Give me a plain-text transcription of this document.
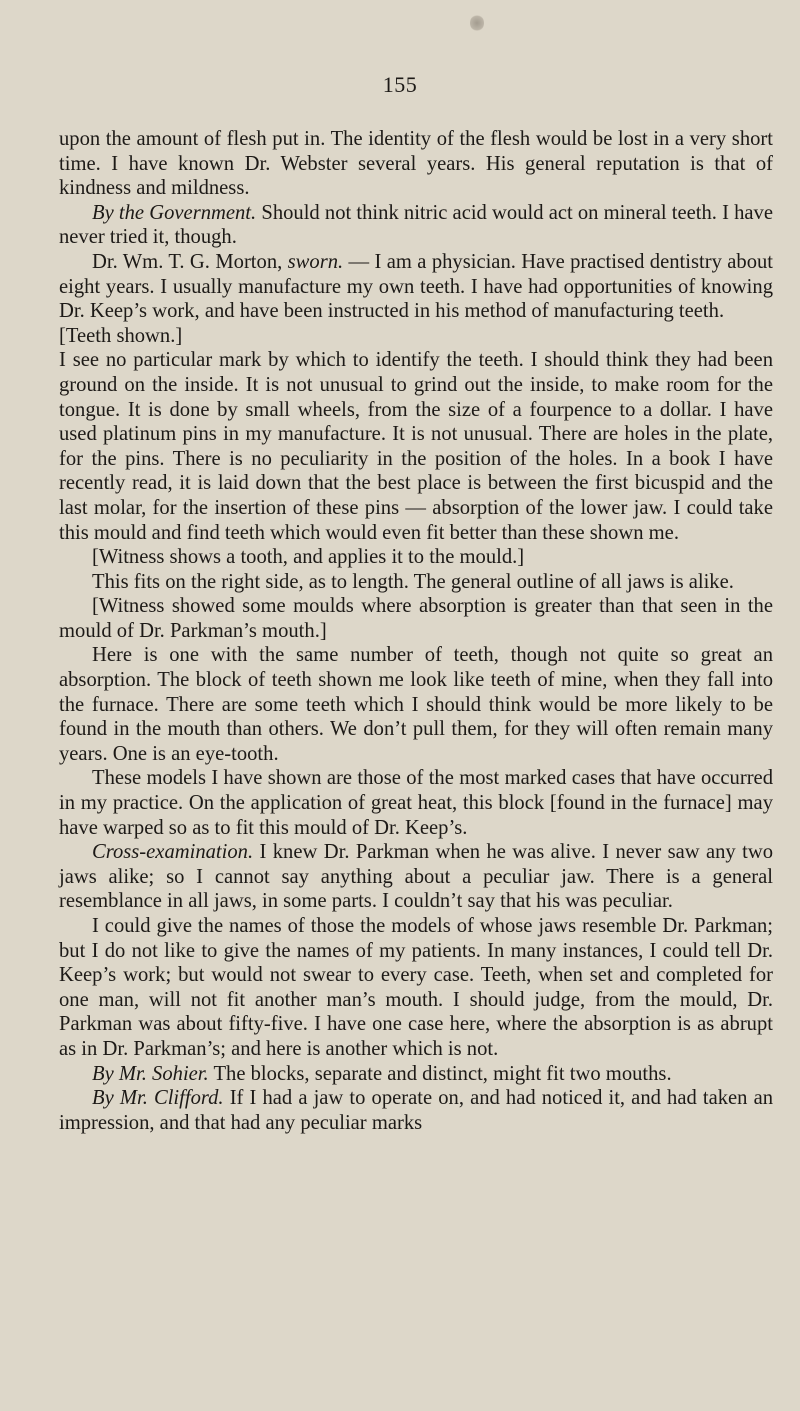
155

upon the amount of flesh put in. The identity of the flesh would be lost in a very short time. I have known Dr. Webster several years. His general reputation is that of kindness and mildness.

By the Government. Should not think nitric acid would act on mineral teeth. I have never tried it, though.

Dr. Wm. T. G. Morton, sworn. — I am a physician. Have practised dentistry about eight years. I usually manufacture my own teeth. I have had opportunities of knowing Dr. Keep’s work, and have been instructed in his method of manufacturing teeth.

[Teeth shown.]

I see no particular mark by which to identify the teeth. I should think they had been ground on the inside. It is not unusual to grind out the inside, to make room for the tongue. It is done by small wheels, from the size of a fourpence to a dollar. I have used platinum pins in my manufacture. It is not unusual. There are holes in the plate, for the pins. There is no peculiarity in the position of the holes. In a book I have recently read, it is laid down that the best place is between the first bicuspid and the last molar, for the insertion of these pins — absorption of the lower jaw. I could take this mould and find teeth which would even fit better than these shown me.

[Witness shows a tooth, and applies it to the mould.]

This fits on the right side, as to length. The general outline of all jaws is alike.

[Witness showed some moulds where absorption is greater than that seen in the mould of Dr. Parkman’s mouth.]

Here is one with the same number of teeth, though not quite so great an absorption. The block of teeth shown me look like teeth of mine, when they fall into the furnace. There are some teeth which I should think would be more likely to be found in the mouth than others. We don’t pull them, for they will often remain many years. One is an eye-tooth.

These models I have shown are those of the most marked cases that have occurred in my practice. On the application of great heat, this block [found in the furnace] may have warped so as to fit this mould of Dr. Keep’s.

Cross-examination. I knew Dr. Parkman when he was alive. I never saw any two jaws alike; so I cannot say anything about a peculiar jaw. There is a general resemblance in all jaws, in some parts. I couldn’t say that his was peculiar.

I could give the names of those the models of whose jaws resemble Dr. Parkman; but I do not like to give the names of my patients. In many instances, I could tell Dr. Keep’s work; but would not swear to every case. Teeth, when set and completed for one man, will not fit another man’s mouth. I should judge, from the mould, Dr. Parkman was about fifty-five. I have one case here, where the absorption is as abrupt as in Dr. Parkman’s; and here is another which is not.

By Mr. Sohier. The blocks, separate and distinct, might fit two mouths.

By Mr. Clifford. If I had a jaw to operate on, and had noticed it, and had taken an impression, and that had any peculiar marks
